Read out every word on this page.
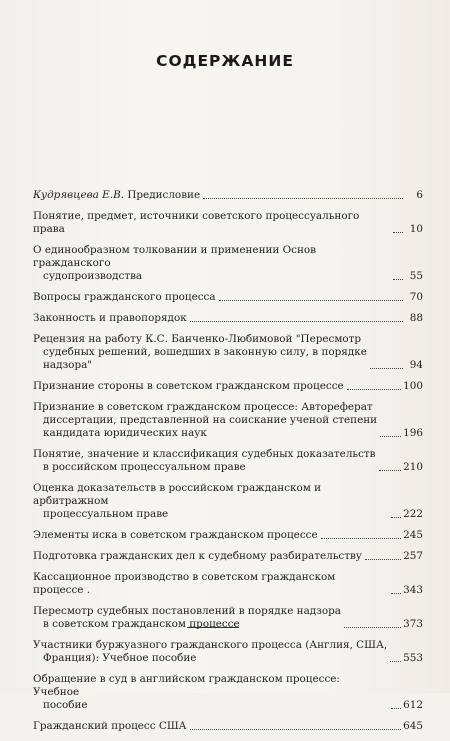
СОДЕРЖАНИЕ
Кудрявцева Е.В. Предисловие	6
Понятие, предмет, источники советского процессуального права	10
О единообразном толковании и применении Основ гражданского
судопроизводства	55
Вопросы гражданского процесса	70
Законность и правопорядок	88
Рецензия на работу К.С. Банченко-Любимовой "Пересмотр
судебных решений, вошедших в законную силу, в порядке
надзора"	94
Признание стороны в советском гражданском процессе	100
Признание в советском гражданском процессе: Автореферат
диссертации, представленной на соискание ученой степени
кандидата юридических наук	196
Понятие, значение и классификация судебных доказательств
в российском процессуальном праве	210
Оценка доказательств в российском гражданском и арбитражном
процессуальном праве	222
Элементы иска в советском гражданском процессе	245
Подготовка гражданских дел к судебному разбирательству	257
Кассационное производство в советском гражданском процессе .	343
Пересмотр судебных постановлений в порядке надзора
в советском гражданском процессе	373
Участники буржуазного гражданского процесса (Англия, США,
Франция): Учебное пособие	553
Обращение в суд в английском гражданском процессе: Учебное
пособие	612
Гражданский процесс США	645
